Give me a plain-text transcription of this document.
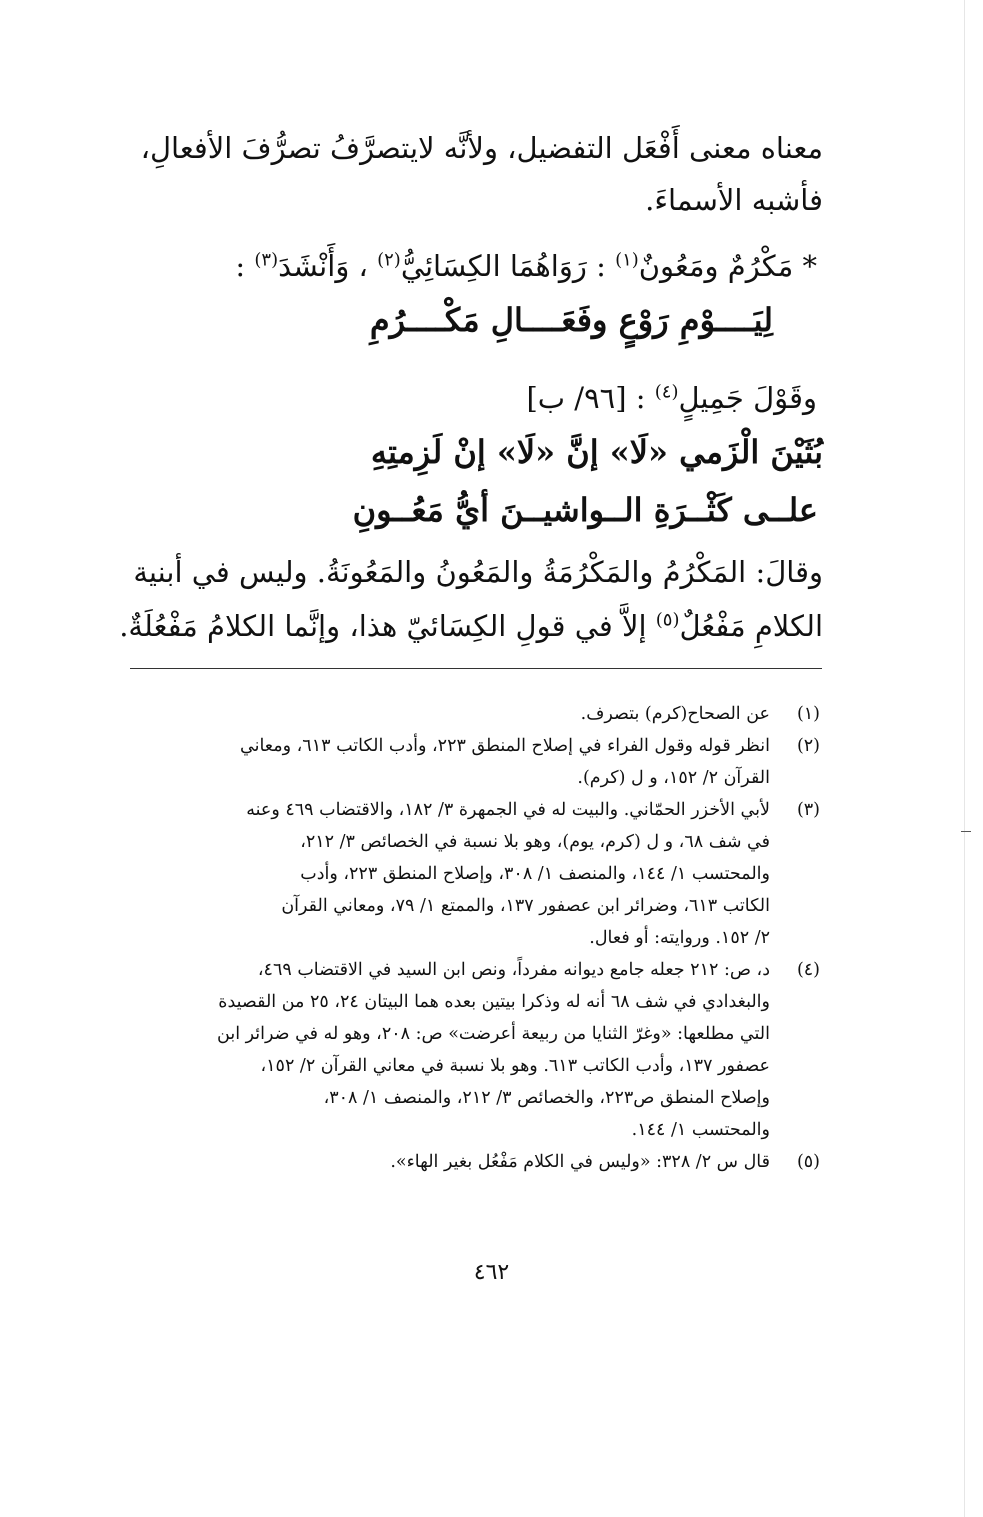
معناه معنى أَفْعَل التفضيل، ولأنَّه لايتصرَّفُ تصرُّفَ الأفعالِ،
فأشبه الأسماءَ.
* مَكْرُمٌ ومَعُونٌ$^{(١)}$ : رَوَاهُمَا الكِسَائِيُّ$^{(٢)}$ ، وَأَنْشَدَ$^{(٣)}$ :
لِيَــــوْمِ رَوْعٍ وفَعَــــالِ مَكْــــرُمِ
وقَوْلَ جَمِيلٍ$^{(٤)}$ : [٩٦/ ب]
بُثَيْنَ الْزَمي «لَا» إنَّ «لَا» إنْ لَزِمتِهِ
علــى كَثْــرَةِ الــواشيــنَ أيُّ مَعُــونِ
وقالَ: المَكْرُمُ والمَكْرُمَةُ والمَعُونُ والمَعُونَةُ. وليس في أبنية
الكلامِ مَفْعُلٌ$^{(٥)}$ إلاَّ في قولِ الكِسَائيّ هذا، وإنَّما الكلامُ مَفْعُلَةٌ.
(١)
عن الصحاح(كرم) بتصرف.
(٢)
انظر قوله وقول الفراء في إصلاح المنطق ٢٢٣، وأدب الكاتب ٦١٣، ومعاني
القرآن ٢/ ١٥٢، و ل (كرم).
(٣)
لأبي الأخزر الحمّاني. والبيت له في الجمهرة ٣/ ١٨٢، والاقتضاب ٤٦٩ وعنه
في شف ٦٨، و ل (كرم، يوم)، وهو بلا نسبة في الخصائص ٣/ ٢١٢،
والمحتسب ١/ ١٤٤، والمنصف ١/ ٣٠٨، وإصلاح المنطق ٢٢٣، وأدب
الكاتب ٦١٣، وضرائر ابن عصفور ١٣٧، والممتع ١/ ٧٩، ومعاني القرآن
٢/ ١٥٢. وروايته: أو فعال.
(٤)
د، ص: ٢١٢ جعله جامع ديوانه مفرداً، ونص ابن السيد في الاقتضاب ٤٦٩،
والبغدادي في شف ٦٨ أنه له وذكرا بيتين بعده هما البيتان ٢٤، ٢٥ من القصيدة
التي مطلعها: «وغرّ الثنايا من ربيعة أعرضت» ص: ٢٠٨، وهو له في ضرائر ابن
عصفور ١٣٧، وأدب الكاتب ٦١٣. وهو بلا نسبة في معاني القرآن ٢/ ١٥٢،
وإصلاح المنطق ص٢٢٣، والخصائص ٣/ ٢١٢، والمنصف ١/ ٣٠٨،
والمحتسب ١/ ١٤٤.
(٥)
قال س ٢/ ٣٢٨: «وليس في الكلام مَفْعُل بغير الهاء».
٤٦٢
